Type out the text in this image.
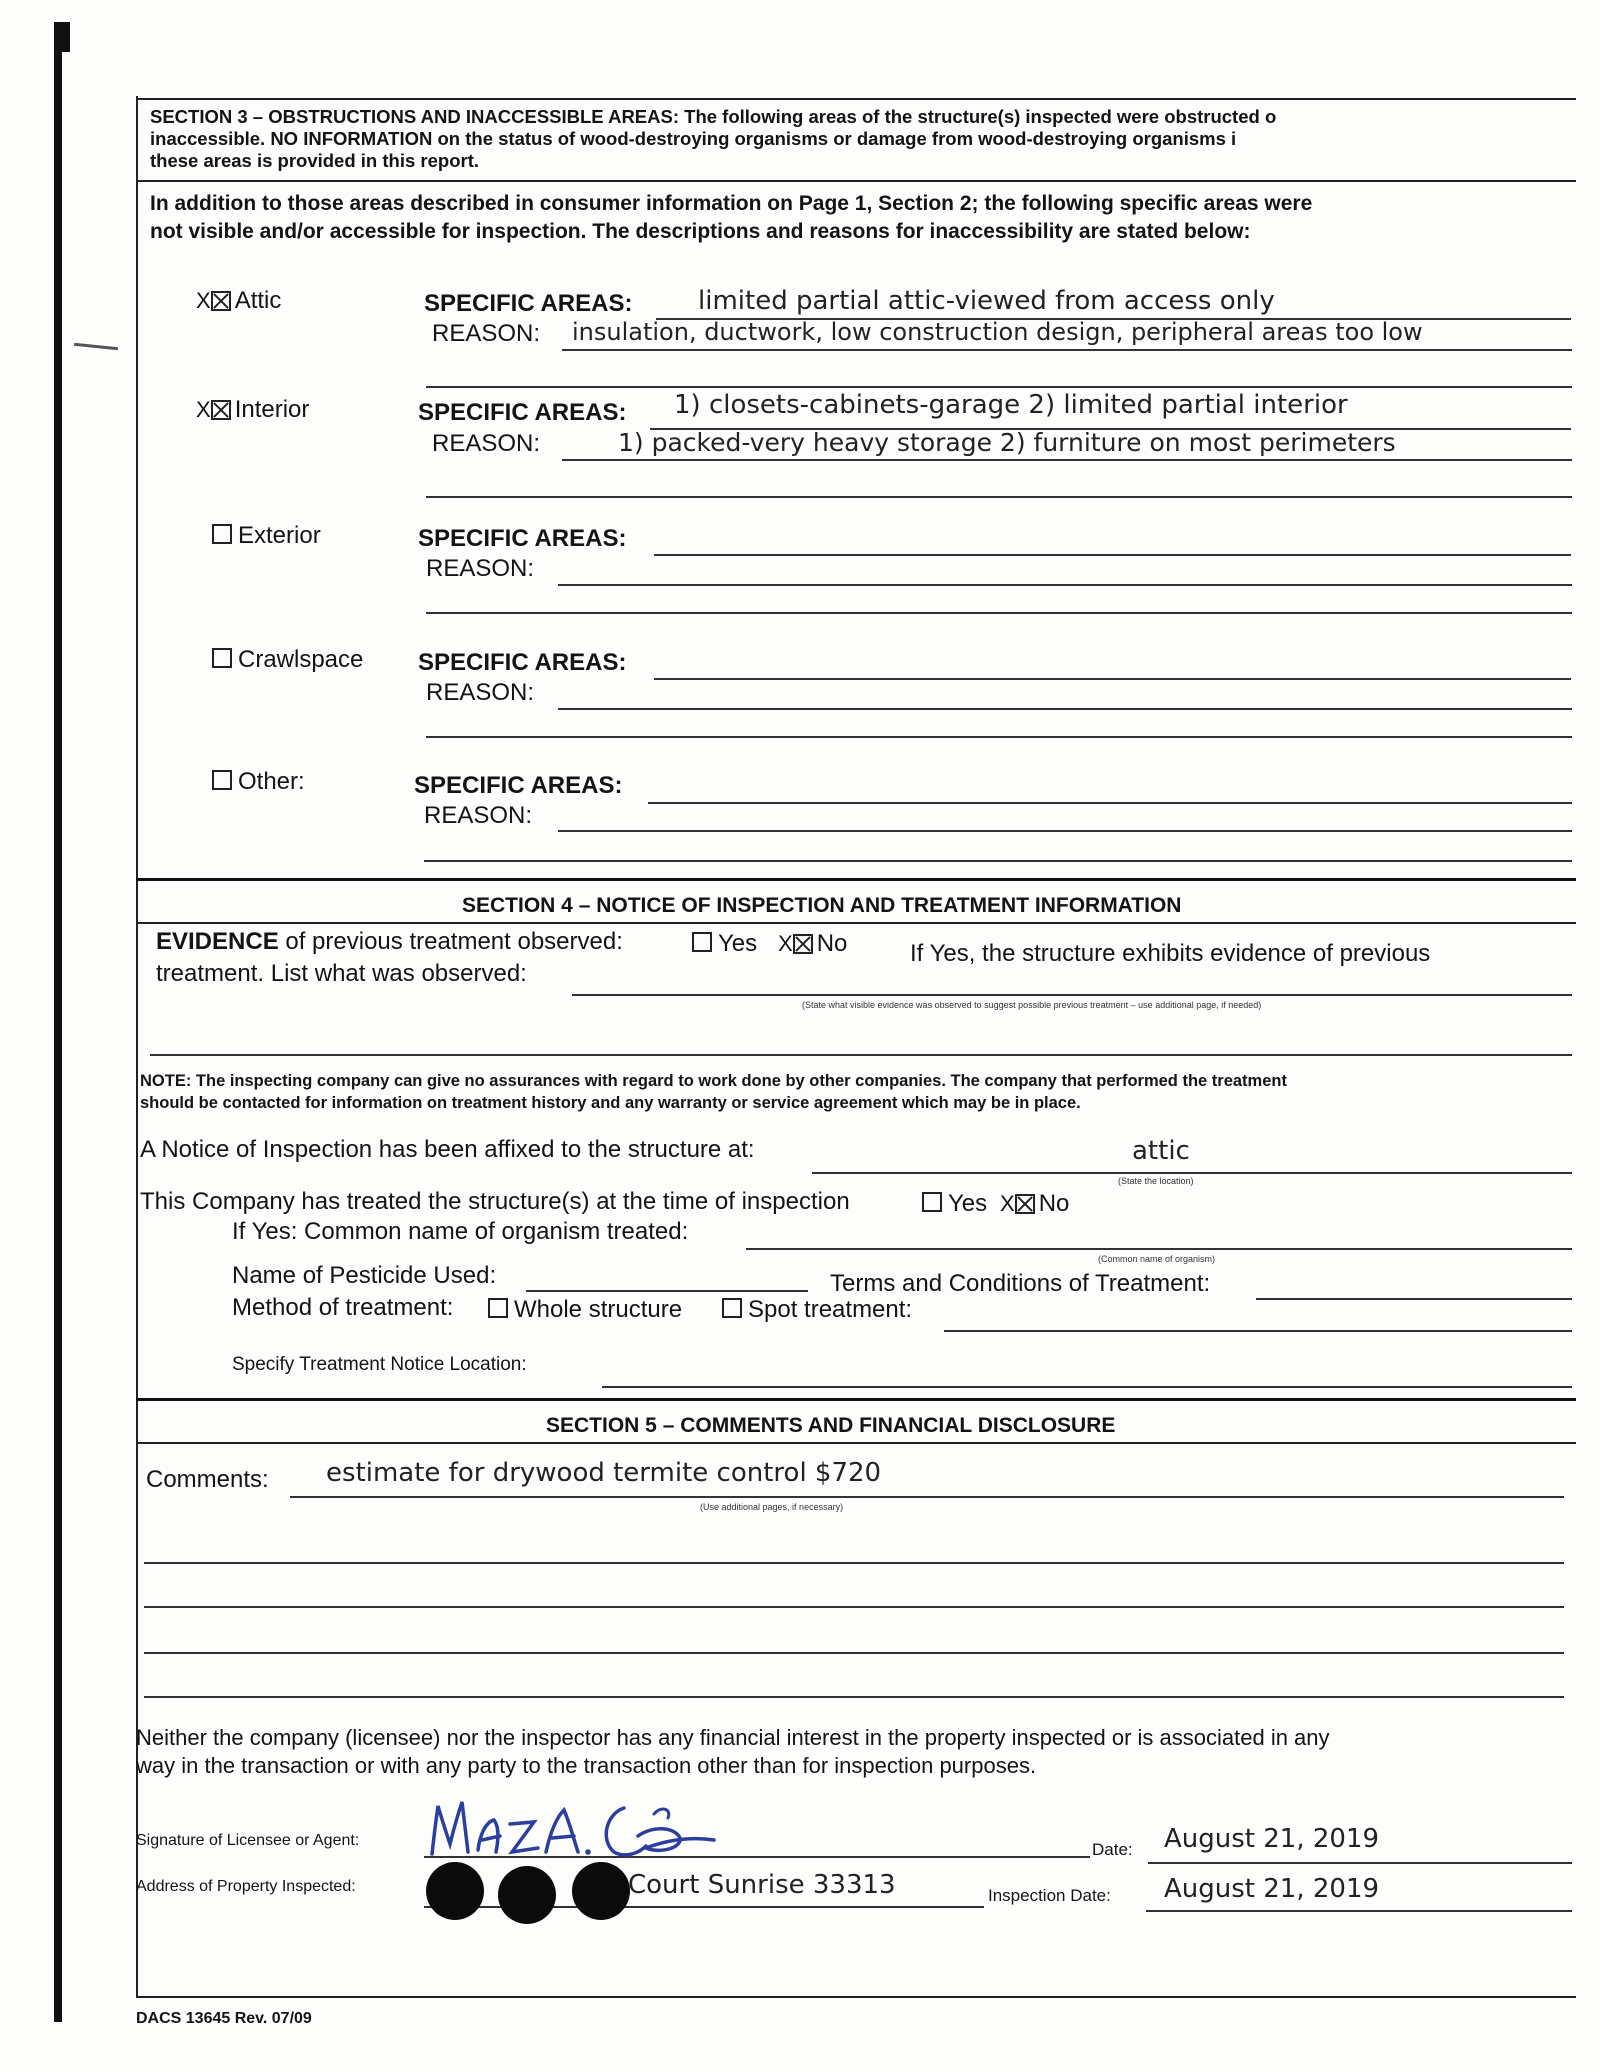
SECTION 3 – OBSTRUCTIONS AND INACCESSIBLE AREAS: The following areas of the structure(s) inspected were obstructed o
inaccessible. NO INFORMATION on the status of wood-destroying organisms or damage from wood-destroying organisms i
these areas is provided in this report.
In addition to those areas described in consumer information on Page 1, Section 2; the following specific areas were
not visible and/or accessible for inspection. The descriptions and reasons for inaccessibility are stated below:
X Attic	SPECIFIC AREAS:	limited partial attic-viewed from access only
REASON: insulation, ductwork, low construction design, peripheral areas too low
X Interior	SPECIFIC AREAS: 1) closets-cabinets-garage 2) limited partial interior
REASON:	1) packed-very heavy storage 2) furniture on most perimeters
Exterior	SPECIFIC AREAS:
REASON:
Crawlspace SPECIFIC AREAS:
REASON:
Other:	SPECIFIC AREAS:
REASON:
SECTION 4 – NOTICE OF INSPECTION AND TREATMENT INFORMATION
EVIDENCE of previous treatment observed:	Yes X No	If Yes, the structure exhibits evidence of previous
treatment. List what was observed:
(State what visible evidence was observed to suggest possible previous treatment – use additional page, if needed)
NOTE: The inspecting company can give no assurances with regard to work done by other companies. The company that performed the treatment
should be contacted for information on treatment history and any warranty or service agreement which may be in place.
A Notice of Inspection has been affixed to the structure at:	attic
(State the location)
This Company has treated the structure(s) at the time of inspection	Yes X No
If Yes: Common name of organism treated:
(Common name of organism)
Name of Pesticide Used:	Terms and Conditions of Treatment:
Method of treatment:	Whole structure	Spot treatment:
Specify Treatment Notice Location:
SECTION 5 – COMMENTS AND FINANCIAL DISCLOSURE
Comments: estimate for drywood termite control $720
(Use additional pages, if necessary)
Neither the company (licensee) nor the inspector has any financial interest in the property inspected or is associated in any
way in the transaction or with any party to the transaction other than for inspection purposes.
Signature of Licensee or Agent:	Date: August 21, 2019
Address of Property Inspected:	Court Sunrise 33313	Inspection Date: August 21, 2019
DACS 13645 Rev. 07/09
